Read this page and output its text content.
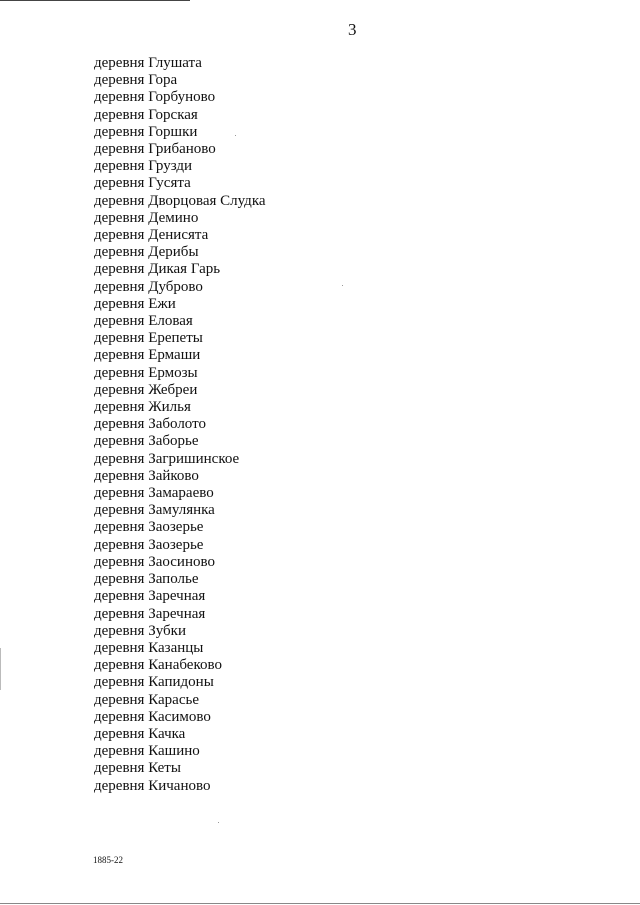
3
деревня Глушата
деревня Гора
деревня Горбуново
деревня Горская
деревня Горшки
деревня Грибаново
деревня Грузди
деревня Гусята
деревня Дворцовая Слудка
деревня Демино
деревня Денисята
деревня Дерибы
деревня Дикая Гарь
деревня Дуброво
деревня Ежи
деревня Еловая
деревня Ерепеты
деревня Ермаши
деревня Ермозы
деревня Жебреи
деревня Жилья
деревня Заболото
деревня Заборье
деревня Загришинское
деревня Зайково
деревня Замараево
деревня Замулянка
деревня Заозерье
деревня Заозерье
деревня Заосиново
деревня Заполье
деревня Заречная
деревня Заречная
деревня Зубки
деревня Казанцы
деревня Канабеково
деревня Капидоны
деревня Карасье
деревня Касимово
деревня Качка
деревня Кашино
деревня Кеты
деревня Кичаново
1885-22
